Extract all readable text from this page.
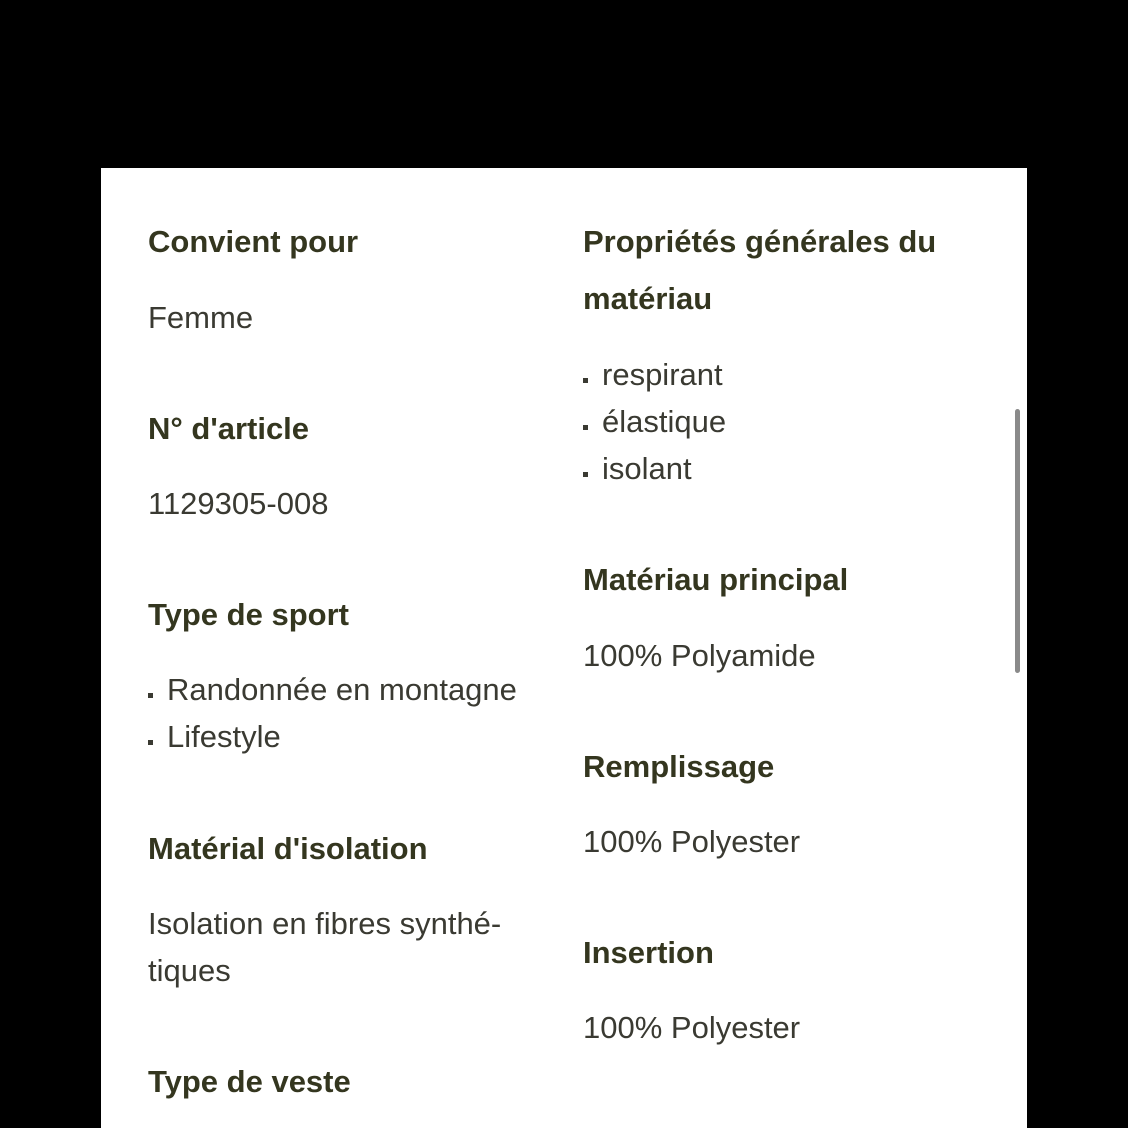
Convient pour

Femme

N° d'article

1129305-008

Type de sport
Randonnée en montagne
Lifestyle
Matérial d'isolation

Isolation en fibres synthé-

tiques

Type de veste
Propriétés générales du
matériau
respirant
élastique
isolant
Matériau principal

100% Polyamide

Remplissage

100% Polyester

Insertion

100% Polyester
